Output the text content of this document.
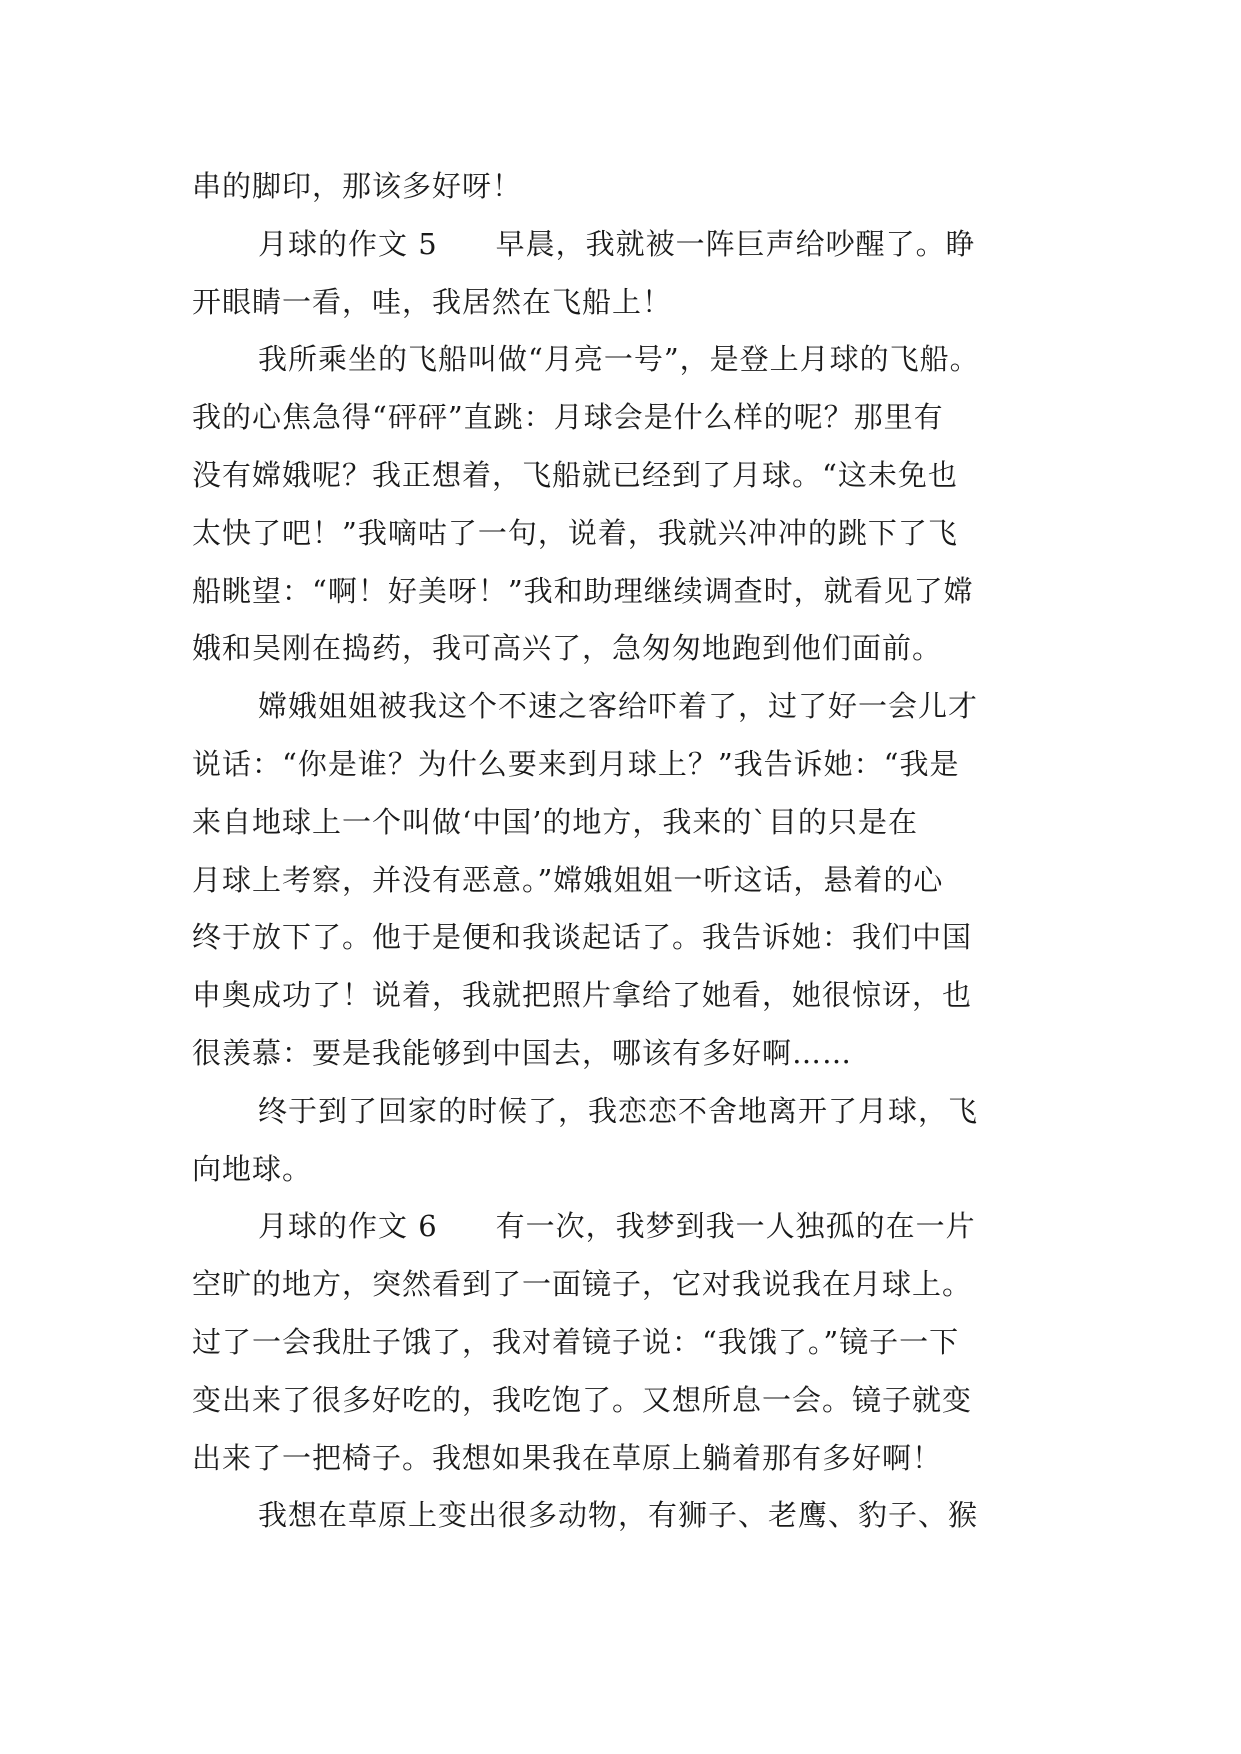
串的脚印，那该多好呀！
月球的作文 5 早晨，我就被一阵巨声给吵醒了。睁
开眼睛一看，哇，我居然在飞船上！
我所乘坐的飞船叫做“月亮一号”，是登上月球的飞船。
我的心焦急得“砰砰”直跳：月球会是什么样的呢？那里有
没有嫦娥呢？我正想着，飞船就已经到了月球。“这未免也
太快了吧！”我嘀咕了一句，说着，我就兴冲冲的跳下了飞
船眺望：“啊！好美呀！”我和助理继续调查时，就看见了嫦
娥和吴刚在捣药，我可高兴了，急匆匆地跑到他们面前。
嫦娥姐姐被我这个不速之客给吓着了，过了好一会儿才
说话：“你是谁？为什么要来到月球上？”我告诉她：“我是
来自地球上一个叫做‘中国’的地方，我来的`目的只是在
月球上考察，并没有恶意。”嫦娥姐姐一听这话，悬着的心
终于放下了。他于是便和我谈起话了。我告诉她：我们中国
申奥成功了！说着，我就把照片拿给了她看，她很惊讶，也
很羡慕：要是我能够到中国去，哪该有多好啊……
终于到了回家的时候了，我恋恋不舍地离开了月球，飞
向地球。
月球的作文 6 有一次，我梦到我一人独孤的在一片
空旷的地方，突然看到了一面镜子，它对我说我在月球上。
过了一会我肚子饿了，我对着镜子说：“我饿了。”镜子一下
变出来了很多好吃的，我吃饱了。又想所息一会。镜子就变
出来了一把椅子。我想如果我在草原上躺着那有多好啊！
我想在草原上变出很多动物，有狮子、老鹰、豹子、猴
